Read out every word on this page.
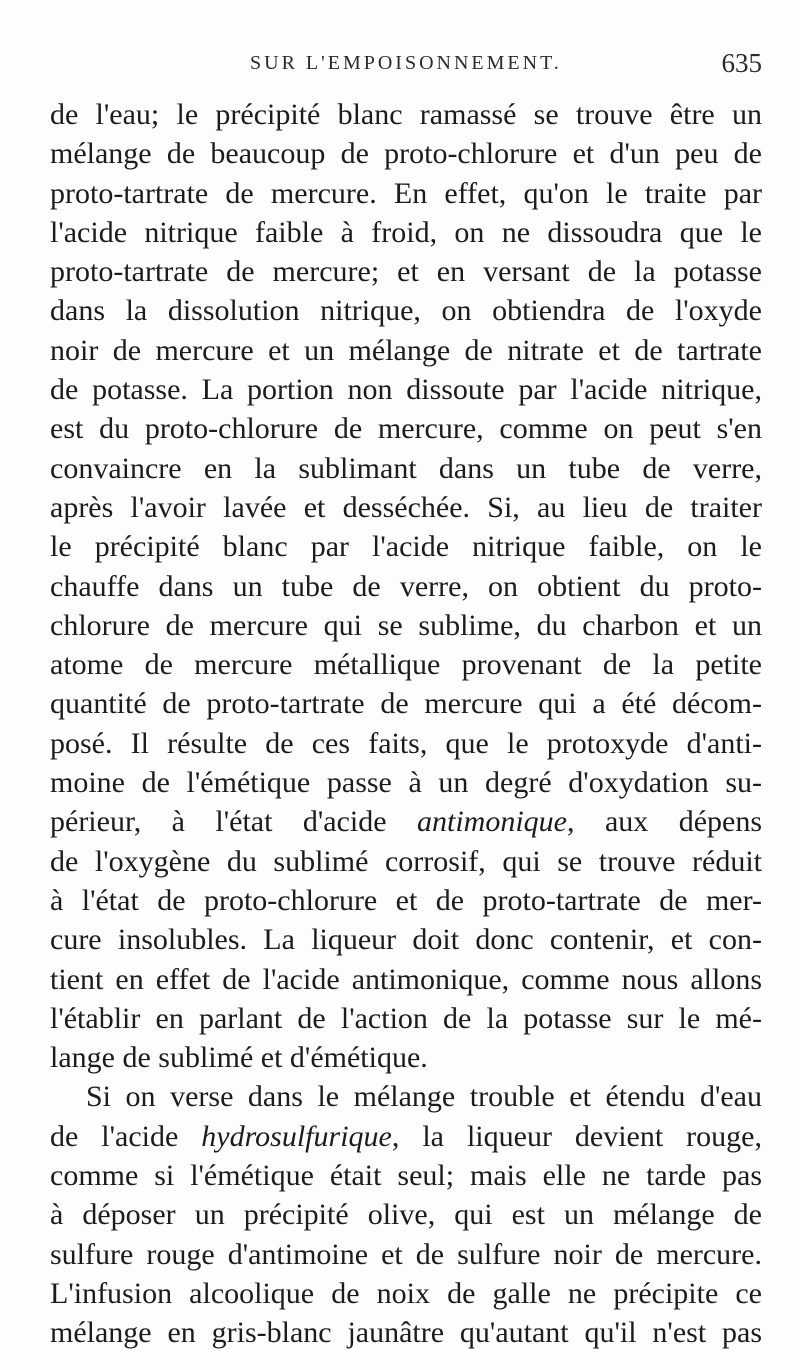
SUR L'EMPOISONNEMENT.	635
de l'eau; le précipité blanc ramassé se trouve être un
mélange de beaucoup de proto-chlorure et d'un peu de
proto-tartrate de mercure. En effet, qu'on le traite par
l'acide nitrique faible à froid, on ne dissoudra que le
proto-tartrate de mercure; et en versant de la potasse
dans la dissolution nitrique, on obtiendra de l'oxyde
noir de mercure et un mélange de nitrate et de tartrate
de potasse. La portion non dissoute par l'acide nitrique,
est du proto-chlorure de mercure, comme on peut s'en
convaincre en la sublimant dans un tube de verre,
après l'avoir lavée et desséchée. Si, au lieu de traiter
le précipité blanc par l'acide nitrique faible, on le
chauffe dans un tube de verre, on obtient du proto-
chlorure de mercure qui se sublime, du charbon et un
atome de mercure métallique provenant de la petite
quantité de proto-tartrate de mercure qui a été décom-
posé. Il résulte de ces faits, que le protoxyde d'anti-
moine de l'émétique passe à un degré d'oxydation su-
périeur, à l'état d'acide antimonique, aux dépens
de l'oxygène du sublimé corrosif, qui se trouve réduit
à l'état de proto-chlorure et de proto-tartrate de mer-
cure insolubles. La liqueur doit donc contenir, et con-
tient en effet de l'acide antimonique, comme nous allons
l'établir en parlant de l'action de la potasse sur le mé-
lange de sublimé et d'émétique.
Si on verse dans le mélange trouble et étendu d'eau
de l'acide hydrosulfurique, la liqueur devient rouge,
comme si l'émétique était seul; mais elle ne tarde pas
à déposer un précipité olive, qui est un mélange de
sulfure rouge d'antimoine et de sulfure noir de mercure.
L'infusion alcoolique de noix de galle ne précipite ce
mélange en gris-blanc jaunâtre qu'autant qu'il n'est pas
